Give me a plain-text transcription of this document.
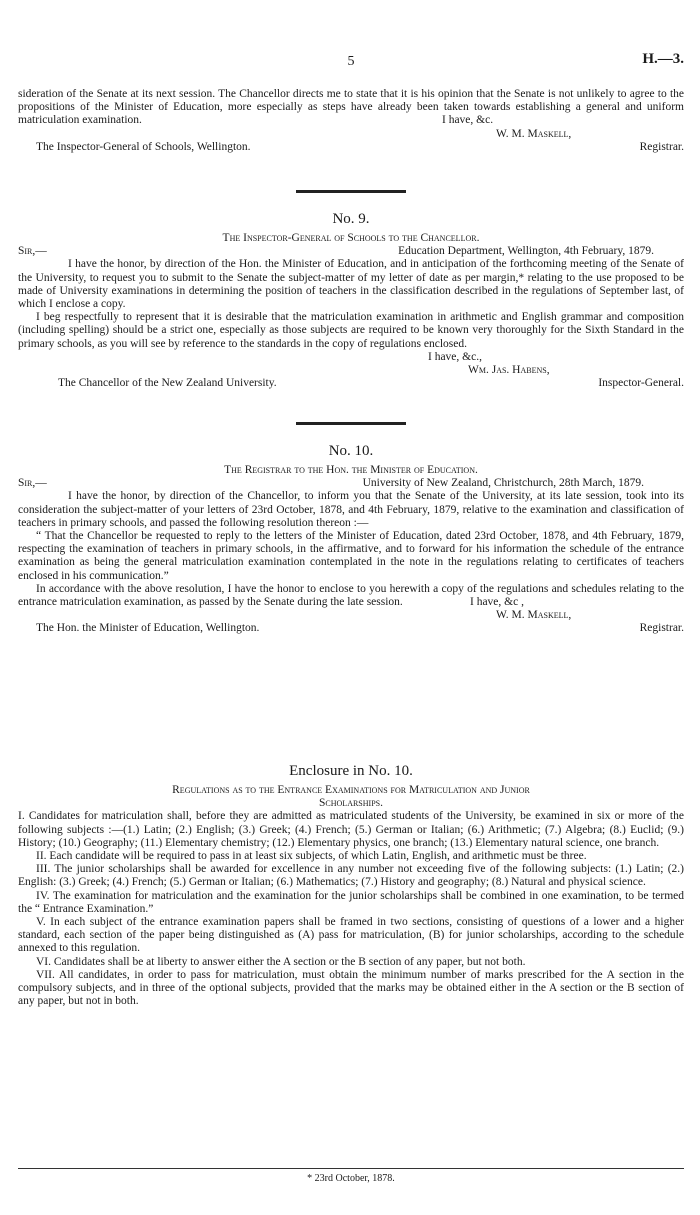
5	H.—3.

sideration of the Senate at its next session. The Chancellor directs me to state that it is his opinion that the Senate is not unlikely to agree to the propositions of the Minister of Education, more especially as steps have already been taken towards establishing a general and uniform matriculation examination.	I have, &c.
W. M. Maskell,
The Inspector-General of Schools, Wellington.	Registrar.
No. 9.
The Inspector-General of Schools to the Chancellor.
Sir,—	Education Department, Wellington, 4th February, 1879.

I have the honor, by direction of the Hon. the Minister of Education, and in anticipation of the forthcoming meeting of the Senate of the University, to request you to submit to the Senate the subject-matter of my letter of date as per margin,* relating to the use proposed to be made of University examinations in determining the position of teachers in the classification described in the regulations of September last, of which I enclose a copy.

I beg respectfully to represent that it is desirable that the matriculation examination in arithmetic and English grammar and composition (including spelling) should be a strict one, especially as those subjects are required to be known very thoroughly for the Sixth Standard in the primary schools, as you will see by reference to the standards in the copy of regulations enclosed.

I have, &c.,
Wm. Jas. Habens,
The Chancellor of the New Zealand University.	Inspector-General.
No. 10.
The Registrar to the Hon. the Minister of Education.
Sir,—	University of New Zealand, Christchurch, 28th March, 1879.

I have the honor, by direction of the Chancellor, to inform you that the Senate of the University, at its late session, took into its consideration the subject-matter of your letters of 23rd October, 1878, and 4th February, 1879, relative to the examination and classification of teachers in primary schools, and passed the following resolution thereon :—

“ That the Chancellor be requested to reply to the letters of the Minister of Education, dated 23rd October, 1878, and 4th February, 1879, respecting the examination of teachers in primary schools, in the affirmative, and to forward for his information the schedule of the entrance examination as being the general matriculation examination contemplated in the note in the regulations relating to certificates of teachers enclosed in his communication.”

In accordance with the above resolution, I have the honor to enclose to you herewith a copy of the regulations and schedules relating to the entrance matriculation examination, as passed by the Senate during the late session.	I have, &c ,
W. M. Maskell,
The Hon. the Minister of Education, Wellington.	Registrar.
Enclosure in No. 10.
Regulations as to the Entrance Examinations for Matriculation and Junior
Scholarships.

I. Candidates for matriculation shall, before they are admitted as matriculated students of the University, be examined in six or more of the following subjects :—(1.) Latin; (2.) English; (3.) Greek; (4.) French; (5.) German or Italian; (6.) Arithmetic; (7.) Algebra; (8.) Euclid; (9.) History; (10.) Geography; (11.) Elementary chemistry; (12.) Elementary physics, one branch; (13.) Elementary natural science, one branch.

II. Each candidate will be required to pass in at least six subjects, of which Latin, English, and arithmetic must be three.

III. The junior scholarships shall be awarded for excellence in any number not exceeding five of the following subjects: (1.) Latin; (2.) English: (3.) Greek; (4.) French; (5.) German or Italian; (6.) Mathematics; (7.) History and geography; (8.) Natural and physical science.

IV. The examination for matriculation and the examination for the junior scholarships shall be combined in one examination, to be termed the “ Entrance Examination.”

V. In each subject of the entrance examination papers shall be framed in two sections, consisting of questions of a lower and a higher standard, each section of the paper being distinguished as (A) pass for matriculation, (B) for junior scholarships, according to the schedule annexed to this regulation.

VI. Candidates shall be at liberty to answer either the A section or the B section of any paper, but not both.

VII. All candidates, in order to pass for matriculation, must obtain the minimum number of marks prescribed for the A section in the compulsory subjects, and in three of the optional subjects, provided that the marks may be obtained either in the A section or the B section of any paper, but not in both.

* 23rd October, 1878.
